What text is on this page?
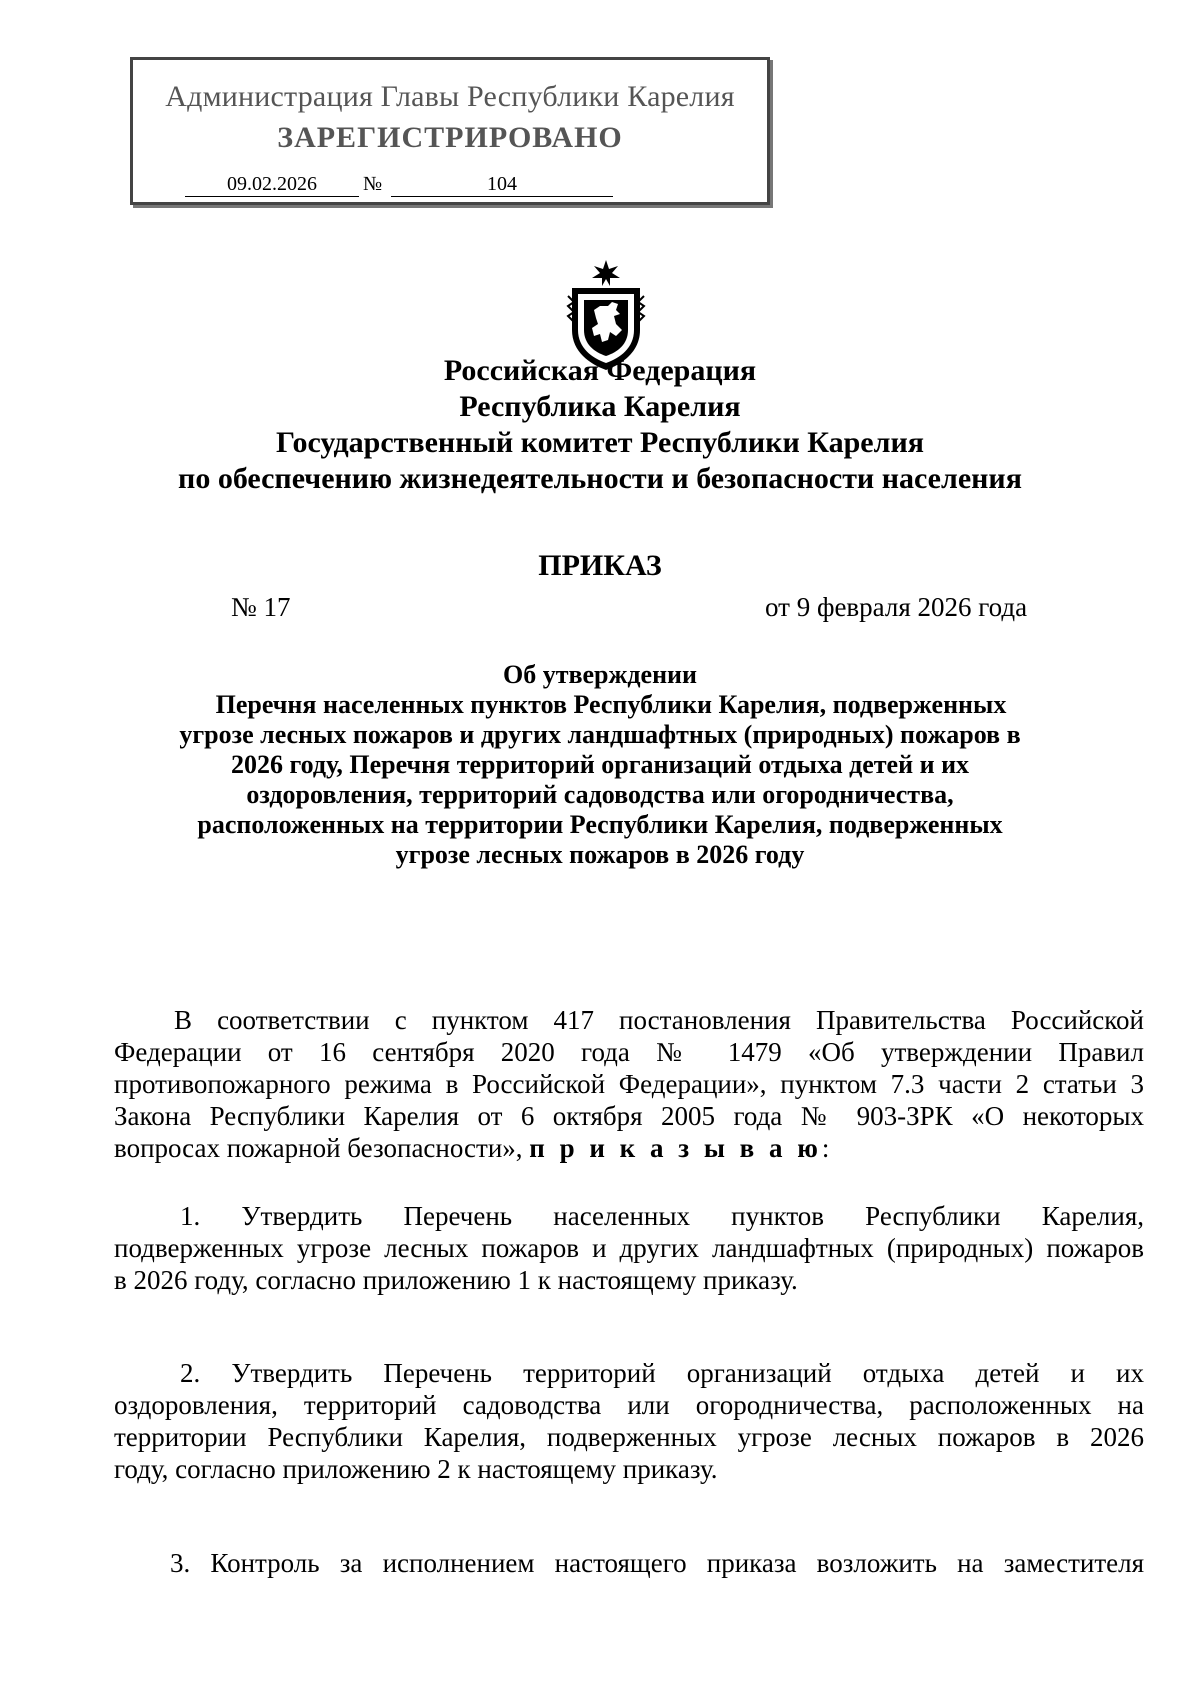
Администрация Главы Республики Карелия
ЗАРЕГИСТРИРОВАНО
09.02.2026	№	104
Российская Федерация
Республика Карелия
Государственный комитет Республики Карелия
по обеспечению жизнедеятельности и безопасности населения
ПРИКАЗ
№ 17	от 9 февраля 2026 года
Об утверждении
Перечня населенных пунктов Республики Карелия, подверженных
угрозе лесных пожаров и других ландшафтных (природных) пожаров в
2026 году, Перечня территорий организаций отдыха детей и их
оздоровления, территорий садоводства или огородничества,
расположенных на территории Республики Карелия, подверженных
угрозе лесных пожаров в 2026 году
В соответствии с пунктом 417 постановления Правительства Российской
Федерации от 16 сентября 2020 года № 1479 «Об утверждении Правил
противопожарного режима в Российской Федерации», пунктом 7.3 части 2 статьи 3
Закона Республики Карелия от 6 октября 2005 года № 903-ЗРК «О некоторых
вопросах пожарной безопасности», п р и к а з ы в а ю:
1. Утвердить Перечень населенных пунктов Республики Карелия,
подверженных угрозе лесных пожаров и других ландшафтных (природных) пожаров
в 2026 году, согласно приложению 1 к настоящему приказу.
2. Утвердить Перечень территорий организаций отдыха детей и их
оздоровления, территорий садоводства или огородничества, расположенных на
территории Республики Карелия, подверженных угрозе лесных пожаров в 2026
году, согласно приложению 2 к настоящему приказу.
3. Контроль за исполнением настоящего приказа возложить на заместителя
